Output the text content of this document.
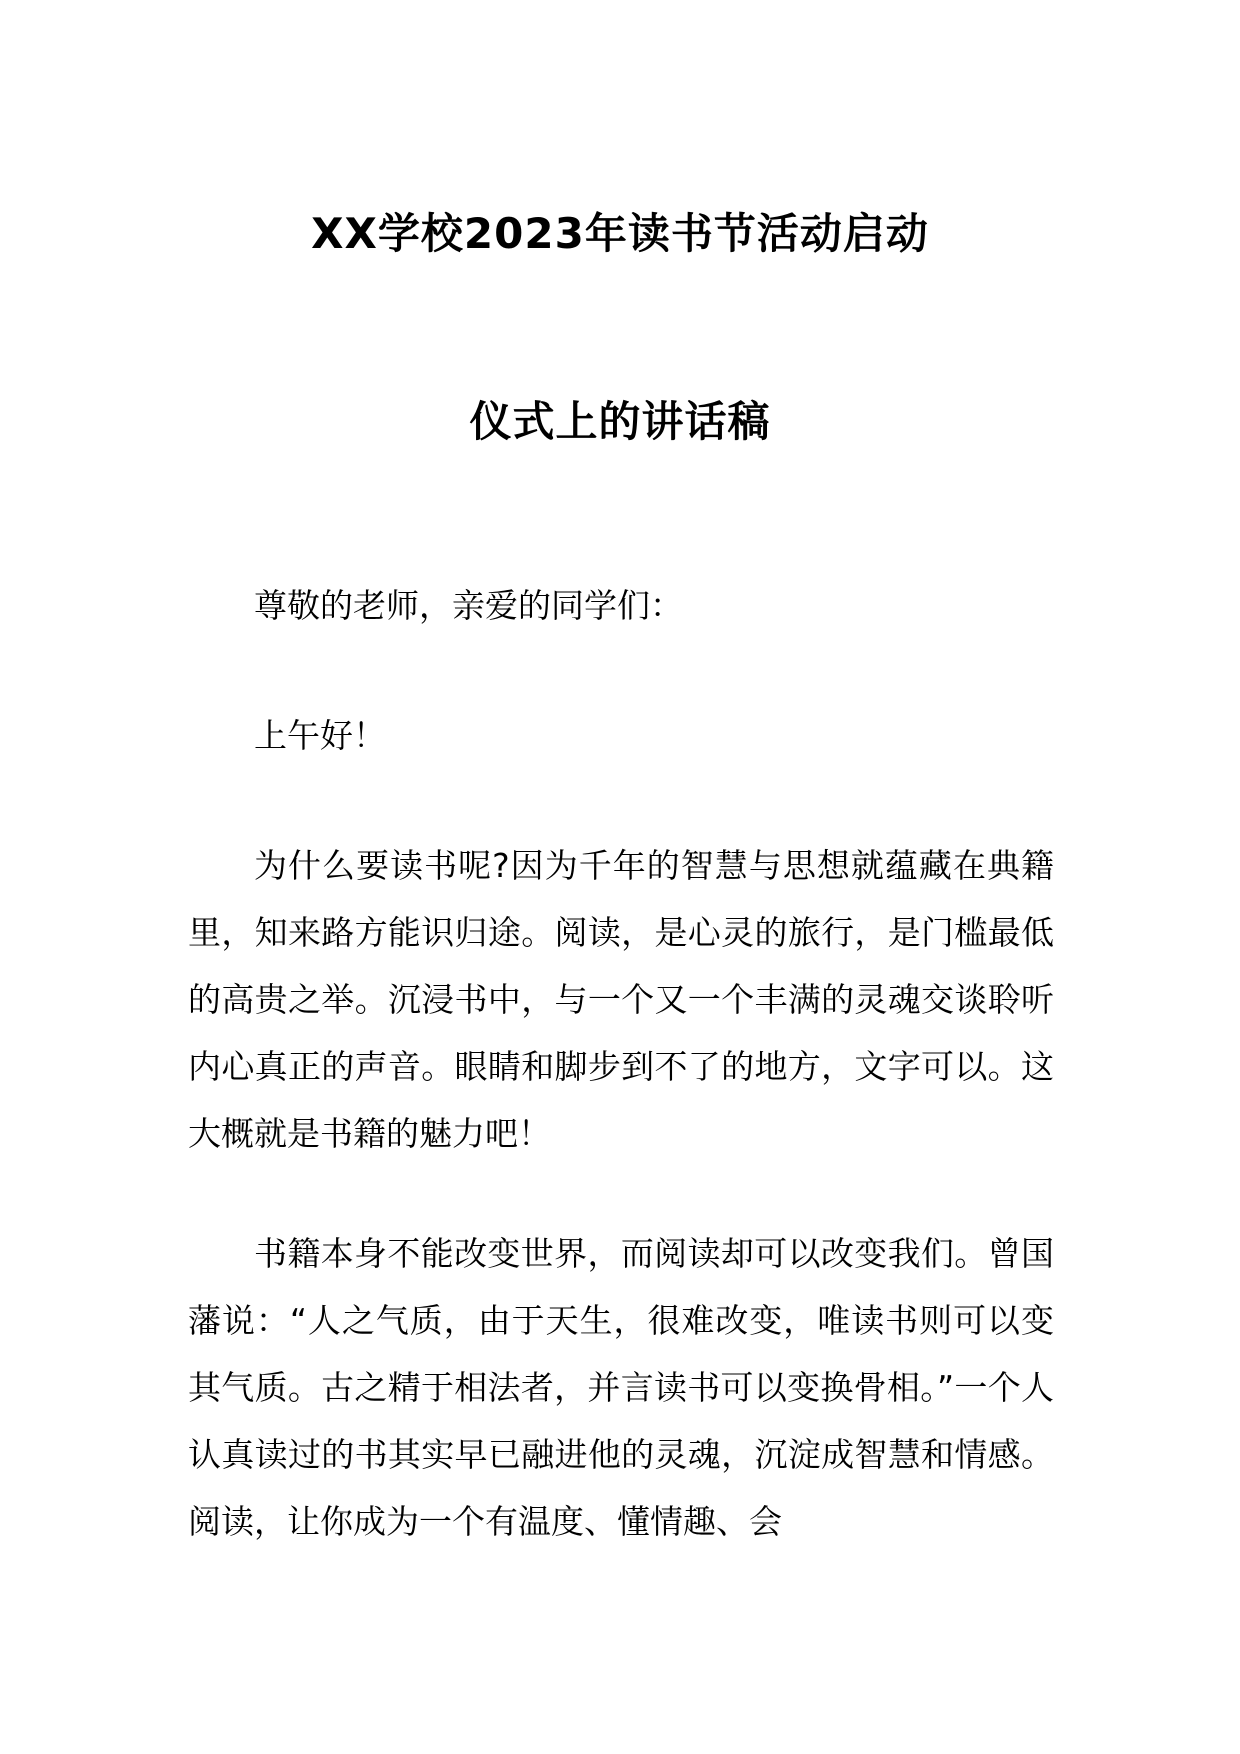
XX学校2023年读书节活动启动
仪式上的讲话稿

尊敬的老师，亲爱的同学们：

上午好！

为什么要读书呢?因为千年的智慧与思想就蕴藏在典籍里，知来路方能识归途。阅读，是心灵的旅行，是门槛最低的高贵之举。沉浸书中，与一个又一个丰满的灵魂交谈聆听内心真正的声音。眼睛和脚步到不了的地方，文字可以。这大概就是书籍的魅力吧！

书籍本身不能改变世界，而阅读却可以改变我们。曾国藩说：“人之气质，由于天生，很难改变，唯读书则可以变其气质。古之精于相法者，并言读书可以变换骨相。”一个人认真读过的书其实早已融进他的灵魂，沉淀成智慧和情感。阅读，让你成为一个有温度、懂情趣、会
